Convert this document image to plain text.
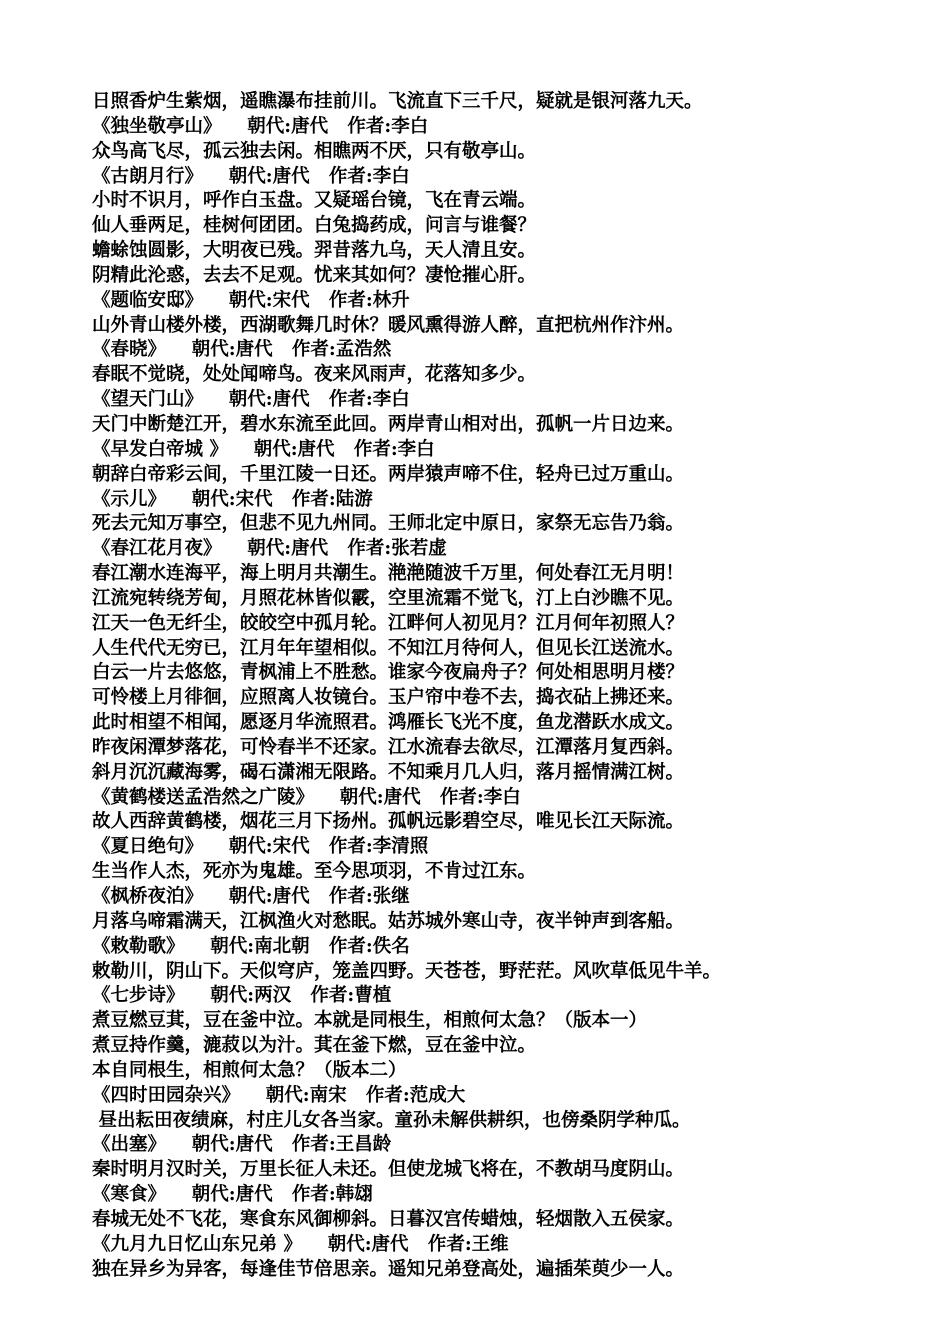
日照香炉生紫烟，遥瞧瀑布挂前川。飞流直下三千尺，疑就是银河落九天。
《独坐敬亭山》    朝代:唐代   作者:李白
众鸟高飞尽，孤云独去闲。相瞧两不厌，只有敬亭山。
《古朗月行》    朝代:唐代   作者:李白
小时不识月，呼作白玉盘。又疑瑶台镜，飞在青云端。
仙人垂两足，桂树何团团。白兔捣药成，问言与谁餐？
蟾蜍蚀圆影，大明夜已残。羿昔落九乌，天人清且安。
阴精此沦惑，去去不足观。忧来其如何？凄怆摧心肝。
《题临安邸》    朝代:宋代   作者:林升
山外青山楼外楼，西湖歌舞几时休？暖风熏得游人醉，直把杭州作汴州。
《春晓》    朝代:唐代   作者:孟浩然
春眠不觉晓，处处闻啼鸟。夜来风雨声，花落知多少。
《望天门山》    朝代:唐代   作者:李白
天门中断楚江开，碧水东流至此回。两岸青山相对出，孤帆一片日边来。
《早发白帝城 》    朝代:唐代   作者:李白
朝辞白帝彩云间，千里江陵一日还。两岸猿声啼不住，轻舟已过万重山。
《示儿》    朝代:宋代   作者:陆游
死去元知万事空，但悲不见九州同。王师北定中原日，家祭无忘告乃翁。
《春江花月夜》    朝代:唐代   作者:张若虚
春江潮水连海平，海上明月共潮生。滟滟随波千万里，何处春江无月明！
江流宛转绕芳甸，月照花林皆似霰，空里流霜不觉飞，汀上白沙瞧不见。
江天一色无纤尘，皎皎空中孤月轮。江畔何人初见月？江月何年初照人？
人生代代无穷已，江月年年望相似。不知江月待何人，但见长江送流水。
白云一片去悠悠，青枫浦上不胜愁。谁家今夜扁舟子？何处相思明月楼？
可怜楼上月徘徊，应照离人妆镜台。玉户帘中卷不去，捣衣砧上拂还来。
此时相望不相闻，愿逐月华流照君。鸿雁长飞光不度，鱼龙潜跃水成文。
昨夜闲潭梦落花，可怜春半不还家。江水流春去欲尽，江潭落月复西斜。
斜月沉沉藏海雾，碣石潇湘无限路。不知乘月几人归，落月摇情满江树。
《黄鹤楼送孟浩然之广陵》    朝代:唐代   作者:李白
故人西辞黄鹤楼，烟花三月下扬州。孤帆远影碧空尽，唯见长江天际流。
《夏日绝句》    朝代:宋代   作者:李清照
生当作人杰，死亦为鬼雄。至今思项羽，不肯过江东。
《枫桥夜泊》    朝代:唐代   作者:张继
月落乌啼霜满天，江枫渔火对愁眠。姑苏城外寒山寺，夜半钟声到客船。
《敕勒歌》    朝代:南北朝   作者:佚名
敕勒川，阴山下。天似穹庐，笼盖四野。天苍苍，野茫茫。风吹草低见牛羊。
《七步诗》    朝代:两汉   作者:曹植
煮豆燃豆萁，豆在釜中泣。本就是同根生，相煎何太急？（版本一）
煮豆持作羹，漉菽以为汁。萁在釜下燃，豆在釜中泣。
本自同根生，相煎何太急？（版本二）
《四时田园杂兴》    朝代:南宋   作者:范成大
昼出耘田夜绩麻，村庄儿女各当家。童孙未解供耕织，也傍桑阴学种瓜。
《出塞》    朝代:唐代   作者:王昌龄
秦时明月汉时关，万里长征人未还。但使龙城飞将在，不教胡马度阴山。
《寒食》    朝代:唐代   作者:韩翃
春城无处不飞花，寒食东风御柳斜。日暮汉宫传蜡烛，轻烟散入五侯家。
《九月九日忆山东兄弟 》    朝代:唐代   作者:王维
独在异乡为异客，每逢佳节倍思亲。遥知兄弟登高处，遍插茱萸少一人。
